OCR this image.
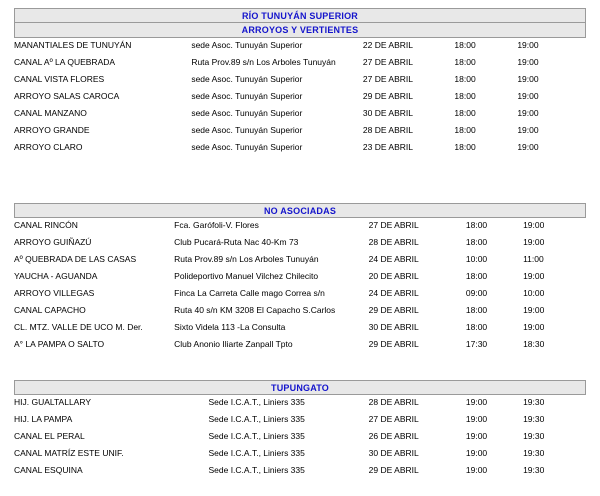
RÍO TUNUYÁN SUPERIOR
ARROYOS Y VERTIENTES
MANANTIALES DE TUNUYÁN	sede Asoc. Tunuyán Superior	22 DE ABRIL	18:00	19:00
CANAL Aº LA QUEBRADA	Ruta Prov.89 s/n Los Arboles Tunuyán	27 DE ABRIL	18:00	19:00
CANAL VISTA FLORES	sede Asoc. Tunuyán Superior	27 DE ABRIL	18:00	19:00
ARROYO SALAS CAROCA	sede Asoc. Tunuyán Superior	29 DE ABRIL	18:00	19:00
CANAL MANZANO	sede Asoc. Tunuyán Superior	30 DE ABRIL	18:00	19:00
ARROYO GRANDE	sede Asoc. Tunuyán Superior	28 DE ABRIL	18:00	19:00
ARROYO CLARO	sede Asoc. Tunuyán Superior	23 DE ABRIL	18:00	19:00
NO ASOCIADAS
CANAL RINCÓN	Fca. Garófoli-V. Flores	27 DE ABRIL	18:00	19:00
ARROYO GUIÑAZÚ	Club Pucará-Ruta Nac 40-Km 73	28 DE ABRIL	18:00	19:00
Aº QUEBRADA DE LAS CASAS	Ruta Prov.89 s/n Los Arboles Tunuyán	24 DE ABRIL	10:00	11:00
YAUCHA - AGUANDA	Polideportivo Manuel Vilchez Chilecito	20 DE ABRIL	18:00	19:00
ARROYO VILLEGAS	Finca La Carreta Calle mago Correa s/n	24 DE ABRIL	09:00	10:00
CANAL CAPACHO	Ruta 40 s/n KM 3208 El Capacho S.Carlos	29 DE ABRIL	18:00	19:00
CL. MTZ. VALLE DE UCO M. Der.	Sixto Videla 113 -La Consulta	30 DE ABRIL	18:00	19:00
A° LA PAMPA O SALTO	Club Anonio Iliarte Zanpall Tpto	29 DE ABRIL	17:30	18:30
TUPUNGATO
HIJ. GUALTALLARY	Sede I.C.A.T., Liniers 335	28 DE ABRIL	19:00	19:30
HIJ. LA PAMPA	Sede I.C.A.T., Liniers 335	27 DE ABRIL	19:00	19:30
CANAL EL PERAL	Sede I.C.A.T., Liniers 335	26 DE ABRIL	19:00	19:30
CANAL MATRÍZ ESTE UNIF.	Sede I.C.A.T., Liniers 335	30 DE ABRIL	19:00	19:30
CANAL ESQUINA	Sede I.C.A.T., Liniers 335	29 DE ABRIL	19:00	19:30
